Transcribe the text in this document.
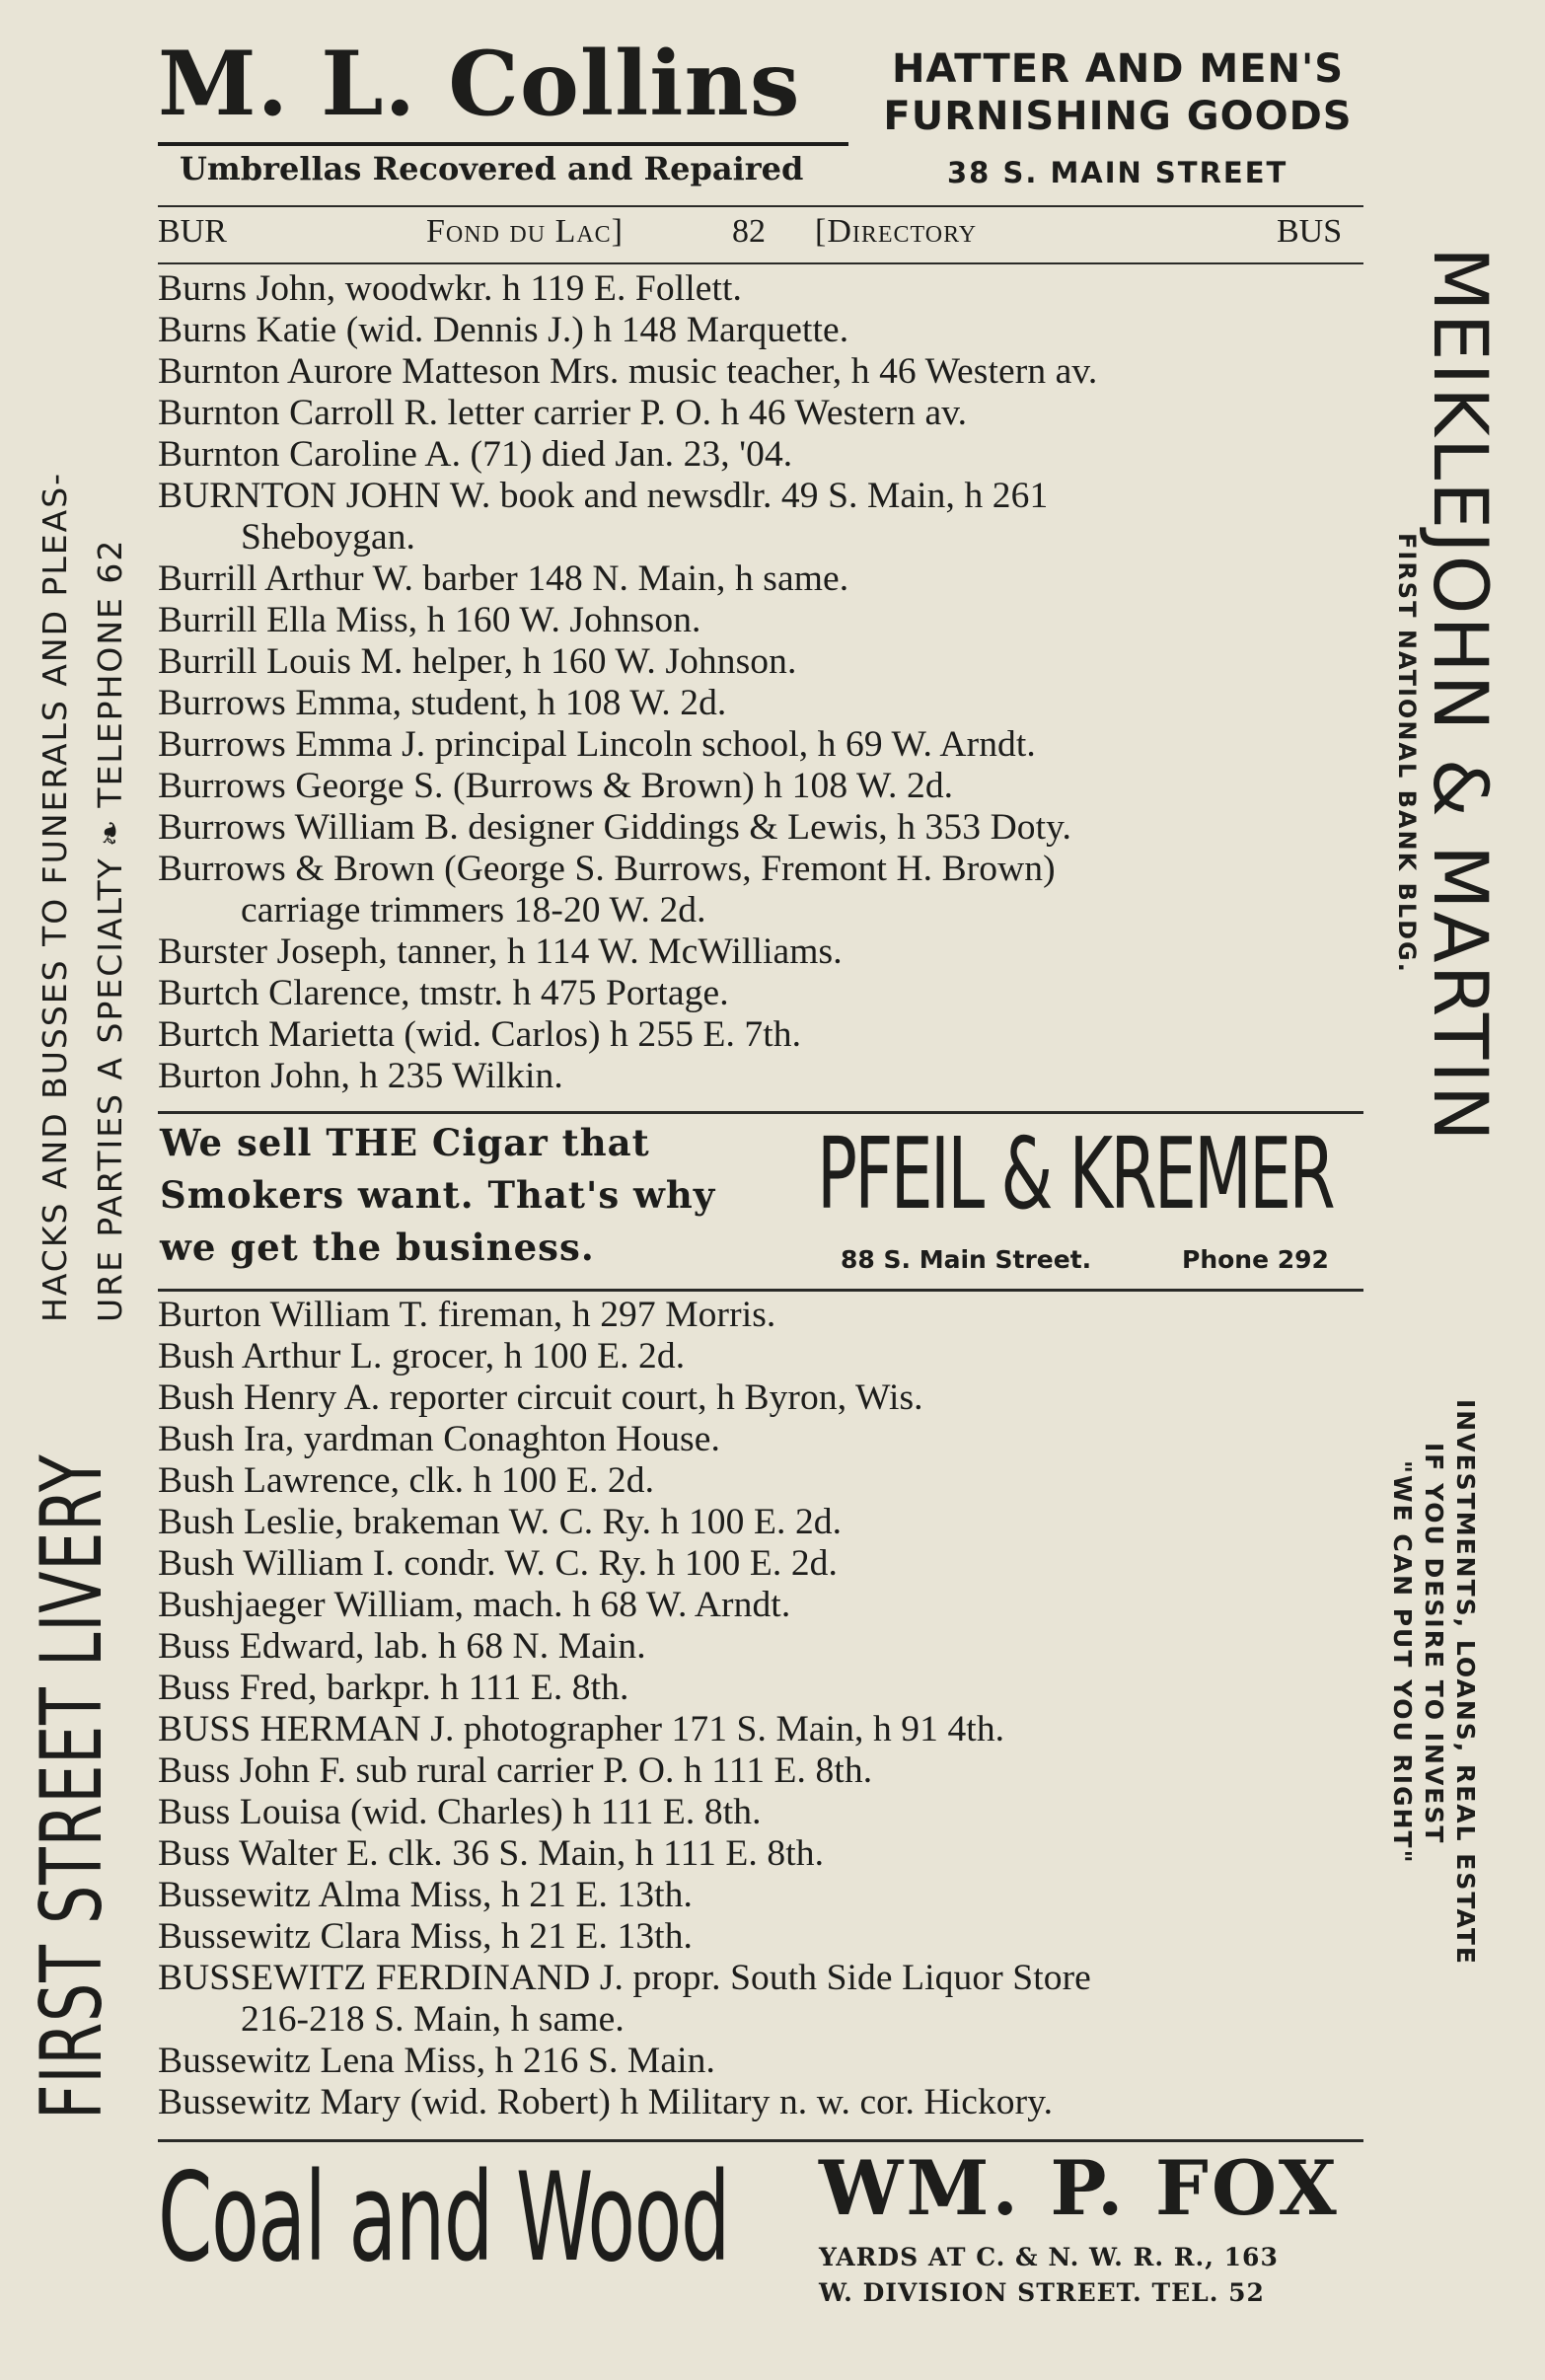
M. L. Collins
Umbrellas Recovered and Repaired
HATTER AND MEN'S
FURNISHING GOODS
38 S. MAIN STREET
BUR	Fond du Lac]	82 [Directory	BUS
Burns John, woodwkr. h 119 E. Follett.
Burns Katie (wid. Dennis J.) h 148 Marquette.
Burnton Aurore Matteson Mrs. music teacher, h 46 Western av.
Burnton Carroll R. letter carrier P. O. h 46 Western av.
Burnton Caroline A. (71) died Jan. 23, '04.
BURNTON JOHN W. book and newsdlr. 49 S. Main, h 261
Sheboygan.
Burrill Arthur W. barber 148 N. Main, h same.
Burrill Ella Miss, h 160 W. Johnson.
Burrill Louis M. helper, h 160 W. Johnson.
Burrows Emma, student, h 108 W. 2d.
Burrows Emma J. principal Lincoln school, h 69 W. Arndt.
Burrows George S. (Burrows & Brown) h 108 W. 2d.
Burrows William B. designer Giddings & Lewis, h 353 Doty.
Burrows & Brown (George S. Burrows, Fremont H. Brown)
carriage trimmers 18-20 W. 2d.
Burster Joseph, tanner, h 114 W. McWilliams.
Burtch Clarence, tmstr. h 475 Portage.
Burtch Marietta (wid. Carlos) h 255 E. 7th.
Burton John, h 235 Wilkin.
We sell THE Cigar that
Smokers want. That's why
we get the business.
PFEIL & KREMER
88 S. Main Street.	Phone 292
Burton William T. fireman, h 297 Morris.
Bush Arthur L. grocer, h 100 E. 2d.
Bush Henry A. reporter circuit court, h Byron, Wis.
Bush Ira, yardman Conaghton House.
Bush Lawrence, clk. h 100 E. 2d.
Bush Leslie, brakeman W. C. Ry. h 100 E. 2d.
Bush William I. condr. W. C. Ry. h 100 E. 2d.
Bushjaeger William, mach. h 68 W. Arndt.
Buss Edward, lab. h 68 N. Main.
Buss Fred, barkpr. h 111 E. 8th.
BUSS HERMAN J. photographer 171 S. Main, h 91 4th.
Buss John F. sub rural carrier P. O. h 111 E. 8th.
Buss Louisa (wid. Charles) h 111 E. 8th.
Buss Walter E. clk. 36 S. Main, h 111 E. 8th.
Bussewitz Alma Miss, h 21 E. 13th.
Bussewitz Clara Miss, h 21 E. 13th.
BUSSEWITZ FERDINAND J. propr. South Side Liquor Store
216-218 S. Main, h same.
Bussewitz Lena Miss, h 216 S. Main.
Bussewitz Mary (wid. Robert) h Military n. w. cor. Hickory.
Coal and Wood WM. P. FOX
YARDS AT C. & N. W. R. R., 163
W. DIVISION STREET. TEL. 52
FIRST STREET LIVERY
HACKS AND BUSSES TO FUNERALS AND PLEAS- URE PARTIES A SPECIALTY❧TELEPHONE 62	MEIKLEJOHN & MARTIN
FIRST NATIONAL BANK BLDG.
INVESTMENTS, LOANS, REAL ESTATE
IF YOU DESIRE TO INVEST
"WE CAN PUT YOU RIGHT"
